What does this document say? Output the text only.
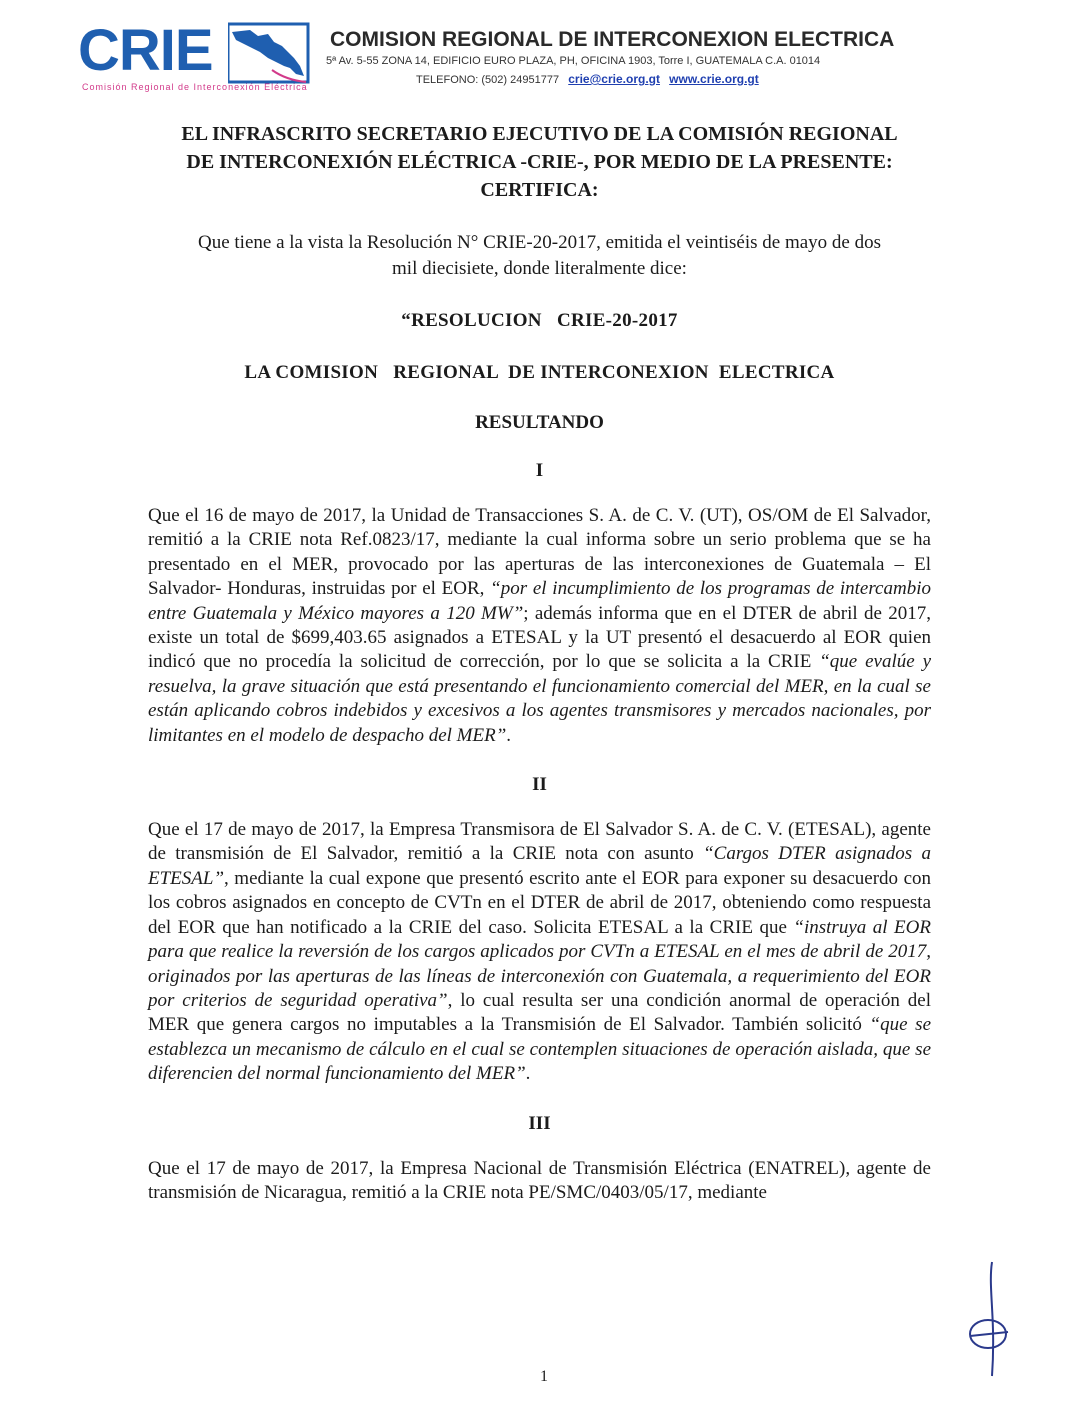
CRIE
Comisión Regional de Interconexión Eléctrica
COMISION REGIONAL DE INTERCONEXION ELECTRICA
5ª Av. 5-55 ZONA 14, EDIFICIO EURO PLAZA, PH, OFICINA 1903, Torre I, GUATEMALA C.A. 01014
TELEFONO: (502) 24951777 crie@crie.org.gt www.crie.org.gt

EL INFRASCRITO SECRETARIO EJECUTIVO DE LA COMISIÓN REGIONAL
DE INTERCONEXIÓN ELÉCTRICA -CRIE-, POR MEDIO DE LA PRESENTE:
CERTIFICA:

Que tiene a la vista la Resolución N° CRIE-20-2017, emitida el veintiséis de mayo de dos
mil diecisiete, donde literalmente dice:

“RESOLUCION   CRIE-20-2017

LA COMISION   REGIONAL  DE INTERCONEXION  ELECTRICA

RESULTANDO

I

Que el 16 de mayo de 2017, la Unidad de Transacciones S. A. de C. V. (UT), OS/OM de El Salvador, remitió a la CRIE nota Ref.0823/17, mediante la cual informa sobre un serio problema que se ha presentado en el MER, provocado por las aperturas de las interconexiones de Guatemala – El Salvador- Honduras, instruidas por el EOR, “por el incumplimiento de los programas de intercambio entre Guatemala y México mayores a 120 MW”; además informa que en el DTER de abril de 2017, existe un total de $699,403.65 asignados a ETESAL y la UT presentó el desacuerdo al EOR quien indicó que no procedía la solicitud de corrección, por lo que se solicita a la CRIE “que evalúe y resuelva, la grave situación que está presentando el funcionamiento comercial del MER, en la cual se están aplicando cobros indebidos y excesivos a los agentes transmisores y mercados nacionales, por limitantes en el modelo de despacho del MER”.

II

Que el 17 de mayo de 2017, la Empresa Transmisora de El Salvador S. A. de C. V. (ETESAL), agente de transmisión de El Salvador, remitió a la CRIE nota con asunto “Cargos DTER asignados a ETESAL”, mediante la cual expone que presentó escrito ante el EOR para exponer su desacuerdo con los cobros asignados en concepto de CVTn en el DTER de abril de 2017, obteniendo como respuesta del EOR que han notificado a la CRIE del caso. Solicita ETESAL a la CRIE que “instruya al EOR para que realice la reversión de los cargos aplicados por CVTn a ETESAL en el mes de abril de 2017, originados por las aperturas de las líneas de interconexión con Guatemala, a requerimiento del EOR por criterios de seguridad operativa”, lo cual resulta ser una condición anormal de operación del MER que genera cargos no imputables a la Transmisión de El Salvador. También solicitó “que se establezca un mecanismo de cálculo en el cual se contemplen situaciones de operación aislada, que se diferencien del normal funcionamiento del MER”.

III

Que el 17 de mayo de 2017, la Empresa Nacional de Transmisión Eléctrica (ENATREL), agente de transmisión de Nicaragua, remitió a la CRIE nota PE/SMC/0403/05/17, mediante

1
